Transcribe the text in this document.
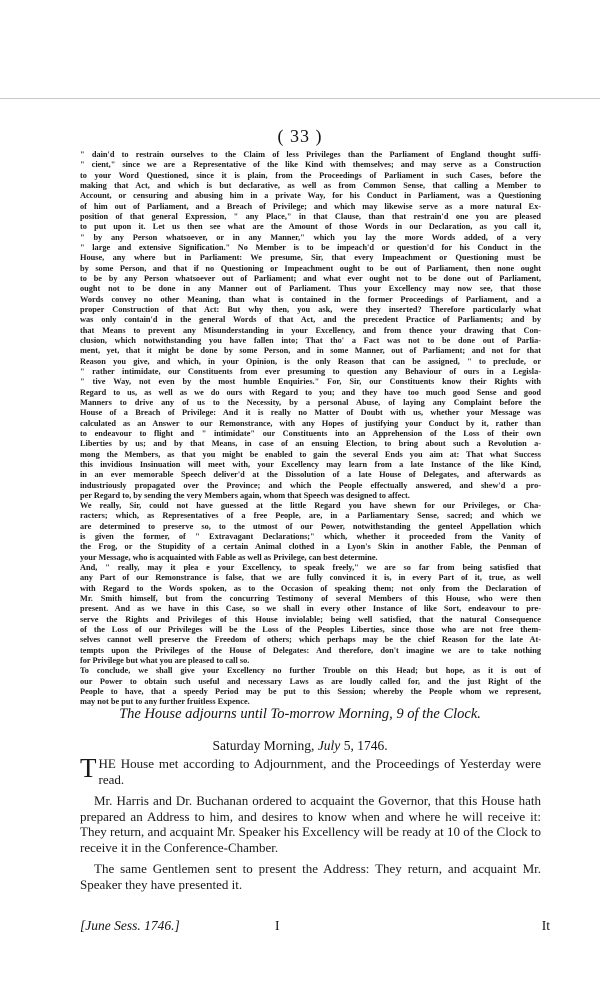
( 33 )
" dain'd to restrain ourselves to the Claim of less Privileges than the Parliament of England thought suffi-
" cient," since we are a Representative of the like Kind with themselves; and may serve as a Construction
to your Word Questioned, since it is plain, from the Proceedings of Parliament in such Cases, before the
making that Act, and which is but declarative, as well as from Common Sense, that calling a Member to
Account, or censuring and abusing him in a private Way, for his Conduct in Parliament, was a Questioning
of him out of Parliament, and a Breach of Privilege; and which may likewise serve as a more natural Ex-
position of that general Expression, " any Place," in that Clause, than that restrain'd one you are pleased
to put upon it. Let us then see what are the Amount of those Words in our Declaration, as you call it,
" by any Person whatsoever, or in any Manner," which you lay the more Words added, of a very
" large and extensive Signification." No Member is to be impeach'd or question'd for his Conduct in the
House, any where but in Parliament: We presume, Sir, that every Impeachment or Questioning must be
by some Person, and that if no Questioning or Impeachment ought to be out of Parliament, then none ought
to be by any Person whatsoever out of Parliament; and what ever ought not to be done out of Parliament,
ought not to be done in any Manner out of Parliament. Thus your Excellency may now see, that those
Words convey no other Meaning, than what is contained in the former Proceedings of Parliament, and a
proper Construction of that Act: But why then, you ask, were they inserted? Therefore particularly what
was only contain'd in the general Words of that Act, and the precedent Practice of Parliaments; and by
that Means to prevent any Misunderstanding in your Excellency, and from thence your drawing that Con-
clusion, which notwithstanding you have fallen into; That tho' a Fact was not to be done out of Parlia-
ment, yet, that it might be done by some Person, and in some Manner, out of Parliament; and not for that
Reason you give, and which, in your Opinion, is the only Reason that can be assigned, " to preclude, or
" rather intimidate, our Constituents from ever presuming to question any Behaviour of ours in a Legisla-
" tive Way, not even by the most humble Enquiries." For, Sir, our Constituents know their Rights with
Regard to us, as well as we do ours with Regard to you; and they have too much good Sense and good
Manners to drive any of us to the Necessity, by a personal Abuse, of laying any Complaint before the
House of a Breach of Privilege: And it is really no Matter of Doubt with us, whether your Message was
calculated as an Answer to our Remonstrance, with any Hopes of justifying your Conduct by it, rather than
to endeavour to flight and " intimidate" our Constituents into an Apprehension of the Loss of their own
Liberties by us; and by that Means, in case of an ensuing Election, to bring about such a Revolution a-
mong the Members, as that you might be enabled to gain the several Ends you aim at: That what Success
this invidious Insinuation will meet with, your Excellency may learn from a late Instance of the like Kind,
in an ever memorable Speech deliver'd at the Dissolution of a late House of Delegates, and afterwards as
industriously propagated over the Province; and which the People effectually answered, and shew'd a pro-
per Regard to, by sending the very Members again, whom that Speech was designed to affect.
We really, Sir, could not have guessed at the little Regard you have shewn for our Privileges, or Cha-
racters; which, as Representatives of a free People, are, in a Parliamentary Sense, sacred; and which we
are determined to preserve so, to the utmost of our Power, notwithstanding the genteel Appellation which
is given the former, of " Extravagant Declarations;" which, whether it proceeded from the Vanity of
the Frog, or the Stupidity of a certain Animal clothed in a Lyon's Skin in another Fable, the Penman of
your Message, who is acquainted with Fable as well as Privilege, can best determine.
And, " really, may it plea e your Excellency, to speak freely," we are so far from being satisfied that
any Part of our Remonstrance is false, that we are fully convinced it is, in every Part of it, true, as well
with Regard to the Words spoken, as to the Occasion of speaking them; not only from the Declaration of
Mr. Smith himself, but from the concurring Testimony of several Members of this House, who were then
present. And as we have in this Case, so we shall in every other Instance of like Sort, endeavour to pre-
serve the Rights and Privileges of this House inviolable; being well satisfied, that the natural Consequence
of the Loss of our Privileges will be the Loss of the Peoples Liberties, since those who are not free them-
selves cannot well preserve the Freedom of others; which perhaps may be the chief Reason for the late At-
tempts upon the Privileges of the House of Delegates: And therefore, don't imagine we are to take nothing
for Privilege but what you are pleased to call so.
To conclude, we shall give your Excellency no further Trouble on this Head; but hope, as it is out of
our Power to obtain such useful and necessary Laws as are loudly called for, and the just Right of the
People to have, that a speedy Period may be put to this Session; whereby the People whom we represent,
may not be put to any further fruitless Expence.
The House adjourns until To-morrow Morning, 9 of the Clock.
Saturday Morning, July 5, 1746.

THE House met according to Adjournment, and the Proceedings of Yesterday were read.

Mr. Harris and Dr. Buchanan ordered to acquaint the Governor, that this House hath prepared an Address to him, and desires to know when and where he will receive it: They return, and acquaint Mr. Speaker his Excellency will be ready at 10 of the Clock to receive it in the Conference-Chamber.

The same Gentlemen sent to present the Address: They return, and acquaint Mr. Speaker they have presented it.

[June Sess. 1746.]	I	It
